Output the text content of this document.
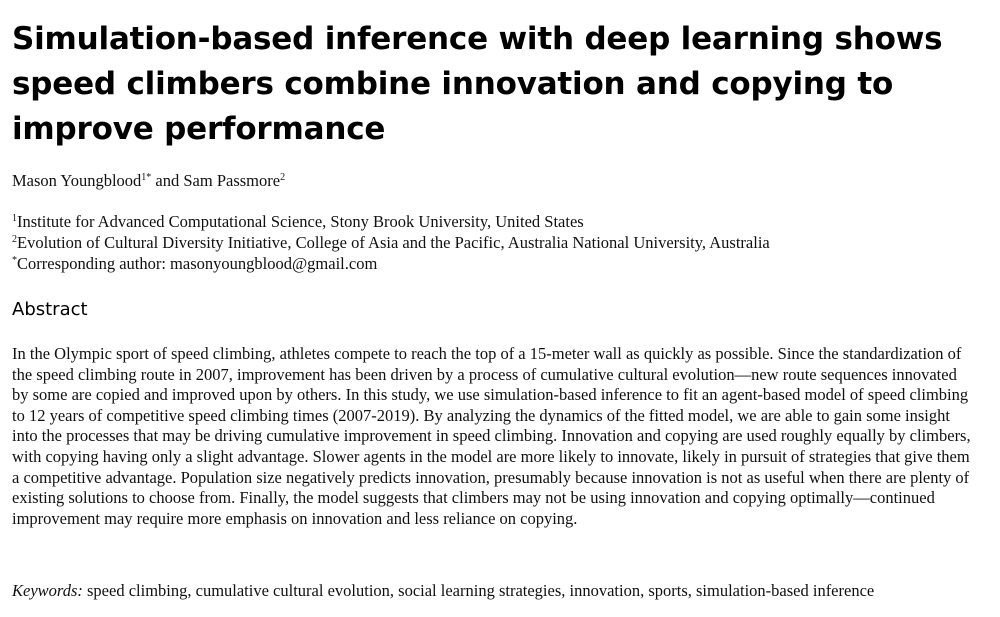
Simulation-based inference with deep learning shows
speed climbers combine innovation and copying to
improve performance
Mason Youngblood$^{1*}$ and Sam Passmore$^2$
$^1$Institute for Advanced Computational Science, Stony Brook University, United States
$^2$Evolution of Cultural Diversity Initiative, College of Asia and the Pacific, Australia National University, Australia
*Corresponding author: masonyoungblood@gmail.com
Abstract

In the Olympic sport of speed climbing, athletes compete to reach the top of a 15-meter wall as quickly as possible. Since the standardization of the speed climbing route in 2007, improvement has been driven by a process of cumulative cultural evolution—new route sequences innovated by some are copied and improved upon by others. In this study, we use simulation-based inference to fit an agent-based model of speed climbing to 12 years of competitive speed climbing times (2007-2019). By analyzing the dynamics of the fitted model, we are able to gain some insight into the processes that may be driving cumulative improvement in speed climbing. Innovation and copying are used roughly equally by climbers, with copying having only a slight advantage. Slower agents in the model are more likely to innovate, likely in pursuit of strategies that give them a competitive advantage. Population size negatively predicts innovation, presumably because innovation is not as useful when there are plenty of existing solutions to choose from. Finally, the model suggests that climbers may not be using innovation and copying optimally—continued improvement may require more emphasis on innovation and less reliance on copying.

Keywords: speed climbing, cumulative cultural evolution, social learning strategies, innovation, sports, simulation-based inference
